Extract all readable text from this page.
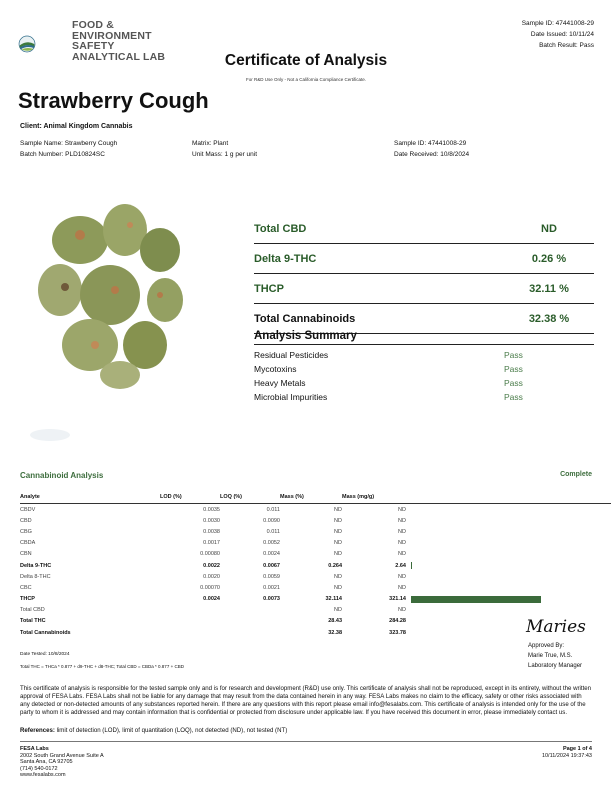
FOOD &
ENVIRONMENT
SAFETY
ANALYTICAL LAB
Sample ID: 47441008-29
Date Issued: 10/11/24
Batch Result: Pass
Certificate of Analysis
For R&D Use Only - Not a California Compliance Certificate.
Strawberry Cough
Client: Animal Kingdom Cannabis
Sample Name: Strawberry Cough
Batch Number: PLD10824SC
Matrix: Plant
Unit Mass: 1 g per unit
Sample ID: 47441008-29
Date Received: 10/8/2024
Total CBD	ND
Delta 9-THC	0.26 %
THCP	32.11 %
Total Cannabinoids	32.38 %
Analysis Summary
Residual Pesticides	Pass
Mycotoxins	Pass
Heavy Metals	Pass
Microbial Impurities	Pass
Cannabinoid Analysis	Complete
Analyte	LOD (%)	LOQ (%)	Mass (%)	Mass (mg/g)	
CBDV	0.0035	0.011	ND	ND	
CBD	0.0030	0.0090	ND	ND	
CBG	0.0038	0.011	ND	ND	
CBDA	0.0017	0.0052	ND	ND	
CBN	0.00080	0.0024	ND	ND	
Delta 9-THC	0.0022	0.0067	0.264	2.64	

Delta 8-THC	0.0020	0.0059	ND	ND	
CBC	0.00070	0.0021	ND	ND	
THCP	0.0024	0.0073	32.114	321.14	

Total CBD			ND	ND	
Total THC			28.43	284.28	
Total Cannabinoids			32.38	323.78		Maries
Approved By:
Marie True, M.S.
Laboratory Manager
Date Tested: 10/8/2024
Total THC = THCa * 0.877 + d9-THC + d8-THC; Total CBD = CBDa * 0.877 + CBD
This certificate of analysis is responsible for the tested sample only and is for research and development (R&D) use only. This certificate of analysis shall not be reproduced, except in its entirety, without the written approval of FESA Labs. FESA Labs shall not be liable for any damage that may result from the data contained herein in any way. FESA Labs makes no claim to the efficacy, safety or other risks associated with any detected or non-detected amounts of any substances reported herein. If there are any questions with this report please email info@fesalabs.com. This certificate of analysis is intended only for the use of the party to whom it is addressed and may contain information that is confidential or protected from disclosure under applicable law. If you have received this document in error, please immediately contact us.
References: limit of detection (LOD), limit of quantitation (LOQ), not detected (ND), not tested (NT)
FESA Labs
2002 South Grand Avenue Suite A
Santa Ana, CA 92705
(714) 540-0172
www.fesalabs.com
Page 1 of 4
10/11/2024 19:37:43
